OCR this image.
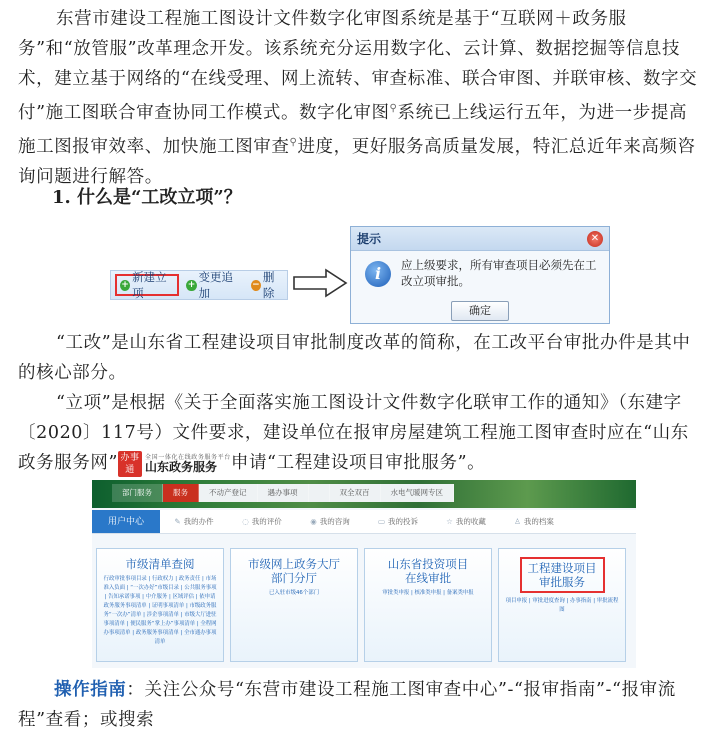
东营市建设工程施工图设计文件数字化审图系统是基于“互联网＋政务服务”和“放管服”改革理念开发。该系统充分运用数字化、云计算、数据挖掘等信息技术，建立基于网络的“在线受理、网上流转、审查标准、联合审图、并联审核、数字交付”施工图联合审查协同工作模式。数字化审图⚲系统已上线运行五年，为进一步提高施工图报审效率、加快施工图审查⚲进度，更好服务高质量发展，特汇总近年来高频咨询问题进行解答。
1. 什么是“工改立项”？
+
新建立项
+
变更追加
−
删除
提示	✕
i	应上级要求，所有审查项目必须先在工改立项审批。
确定
“工改”是山东省工程建设项目审批制度改革的简称，在工改平台审批办件是其中的核心部分。
“立项”是根据《关于全面落实施工图设计文件数字化联审工作的通知》（东建字〔2020〕117号）文件要求，建设单位在报审房屋建筑工程施工图审查时应在“山东政务服务网” 办事
通
全国一体化在线政务服务平台
山东政务服务 申请“工程建设项目审批服务”。
部门服务	服务	不动产登记	遇办事项	双全双百	水电气暖网专区
用户中心	✎ 我的办件	◌ 我的评价	◉ 我的咨询	▭ 我的投诉	☆ 我的收藏	♙ 我的档案
市级清单查阅
行政审批事项目录 | 行政权力 | 政务责任 | 市场准入负面 | “一次办好”市级目录 | 公共服务事项 | 告知承诺事项 | 中介服务 | 区域评估 | 依申请政务服务事项清单 | 证明事项清单 | 市级政务服务“一次办”清单 | 涉企事项清单 | 市级大厅进驻事项清单 | 便民服务“掌上办”事项清单 | 全程网办事项清单 | 政务服务事项清单 | 全市通办事项清单
市级网上政务大厅
部门分厅
已入驻市级46个部门
山东省投资项目
在线审批
审批类申报 | 核准类申报 | 备案类申报
工程建设项目
审批服务
项目申报 | 审批进度查询 | 办事指南 | 审批流程图
操作指南：关注公众号“东营市建设工程施工图审查中心”-“报审指南”-“报审流程”查看；或搜索
